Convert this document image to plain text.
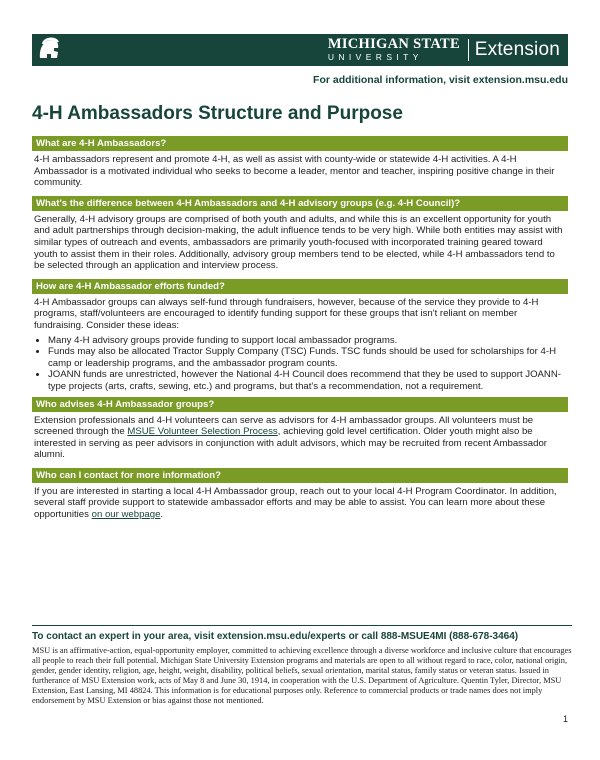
MICHIGAN STATE
UNIVERSITY	Extension
For additional information, visit extension.msu.edu
4-H Ambassadors Structure and Purpose
What are 4-H Ambassadors?

4-H ambassadors represent and promote 4-H, as well as assist with county-wide or statewide 4-H activities. A 4-H Ambassador is a motivated individual who seeks to become a leader, mentor and teacher, inspiring positive change in their community.

What's the difference between 4-H Ambassadors and 4-H advisory groups (e.g. 4-H Council)?

Generally, 4-H advisory groups are comprised of both youth and adults, and while this is an excellent opportunity for youth and adult partnerships through decision-making, the adult influence tends to be very high. While both entities may assist with similar types of outreach and events, ambassadors are primarily youth-focused with incorporated training geared toward youth to assist them in their roles. Additionally, advisory group members tend to be elected, while 4-H ambassadors tend to be selected through an application and interview process.

How are 4-H Ambassador efforts funded?

4-H Ambassador groups can always self-fund through fundraisers, however, because of the service they provide to 4-H programs, staff/volunteers are encouraged to identify funding support for these groups that isn't reliant on member fundraising. Consider these ideas:

• Many 4-H advisory groups provide funding to support local ambassador programs.
• Funds may also be allocated Tractor Supply Company (TSC) Funds. TSC funds should be used for scholarships for 4-H camp or leadership programs, and the ambassador program counts.
• JOANN funds are unrestricted, however the National 4-H Council does recommend that they be used to support JOANN-type projects (arts, crafts, sewing, etc.) and programs, but that's a recommendation, not a requirement.
Who advises 4-H Ambassador groups?

Extension professionals and 4-H volunteers can serve as advisors for 4-H ambassador groups. All volunteers must be screened through the MSUE Volunteer Selection Process, achieving gold level certification. Older youth might also be interested in serving as peer advisors in conjunction with adult advisors, which may be recruited from recent Ambassador alumni.

Who can I contact for more information?

If you are interested in starting a local 4-H Ambassador group, reach out to your local 4-H Program Coordinator. In addition, several staff provide support to statewide ambassador efforts and may be able to assist. You can learn more about these opportunities on our webpage.

To contact an expert in your area, visit extension.msu.edu/experts or call 888-MSUE4MI (888-678-3464)
MSU is an affirmative-action, equal-opportunity employer, committed to achieving excellence through a diverse workforce and inclusive culture that encourages all people to reach their full potential. Michigan State University Extension programs and materials are open to all without regard to race, color, national origin, gender, gender identity, religion, age, height, weight, disability, political beliefs, sexual orientation, marital status, family status or veteran status. Issued in furtherance of MSU Extension work, acts of May 8 and June 30, 1914, in cooperation with the U.S. Department of Agriculture. Quentin Tyler, Director, MSU Extension, East Lansing, MI 48824. This information is for educational purposes only. Reference to commercial products or trade names does not imply endorsement by MSU Extension or bias against those not mentioned.
1
